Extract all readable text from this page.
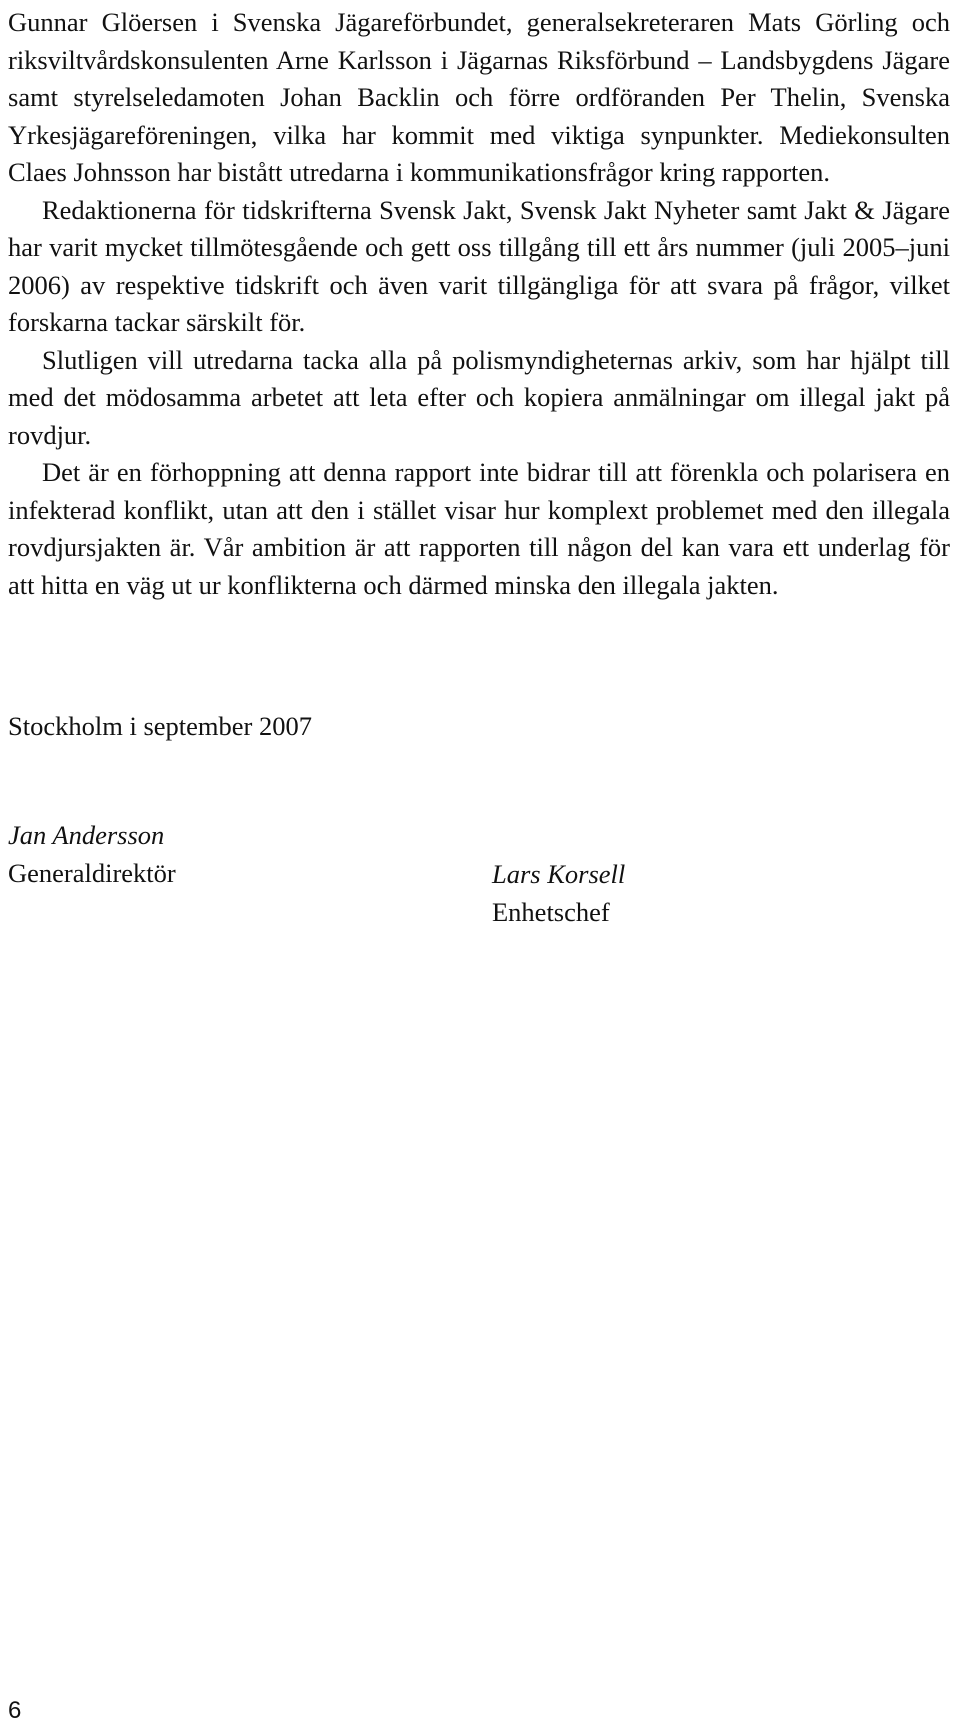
Gunnar Glöersen i Svenska Jägareförbundet, generalsekreteraren Mats Görling och riksviltvårdskonsulenten Arne Karlsson i Jägarnas Riksförbund – Landsbygdens Jägare samt styrelseledamoten Johan Backlin och förre ordföranden Per Thelin, Svenska Yrkesjägareföreningen, vilka har kommit med viktiga synpunkter. Mediekonsulten Claes Johnsson har bistått utredarna i kommunikationsfrågor kring rapporten.

Redaktionerna för tidskrifterna Svensk Jakt, Svensk Jakt Nyheter samt Jakt & Jägare har varit mycket tillmötesgående och gett oss tillgång till ett års nummer (juli 2005–juni 2006) av respektive tidskrift och även varit tillgängliga för att svara på frågor, vilket forskarna tackar särskilt för.

Slutligen vill utredarna tacka alla på polismyndigheternas arkiv, som har hjälpt till med det mödosamma arbetet att leta efter och kopiera anmälningar om illegal jakt på rovdjur.

Det är en förhoppning att denna rapport inte bidrar till att förenkla och polarisera en infekterad konflikt, utan att den i stället visar hur komplext problemet med den illegala rovdjursjakten är. Vår ambition är att rapporten till någon del kan vara ett underlag för att hitta en väg ut ur konflikterna och därmed minska den illegala jakten.

Stockholm i september 2007
Jan Andersson
Generaldirektör	Lars Korsell
Enhetschef
6
